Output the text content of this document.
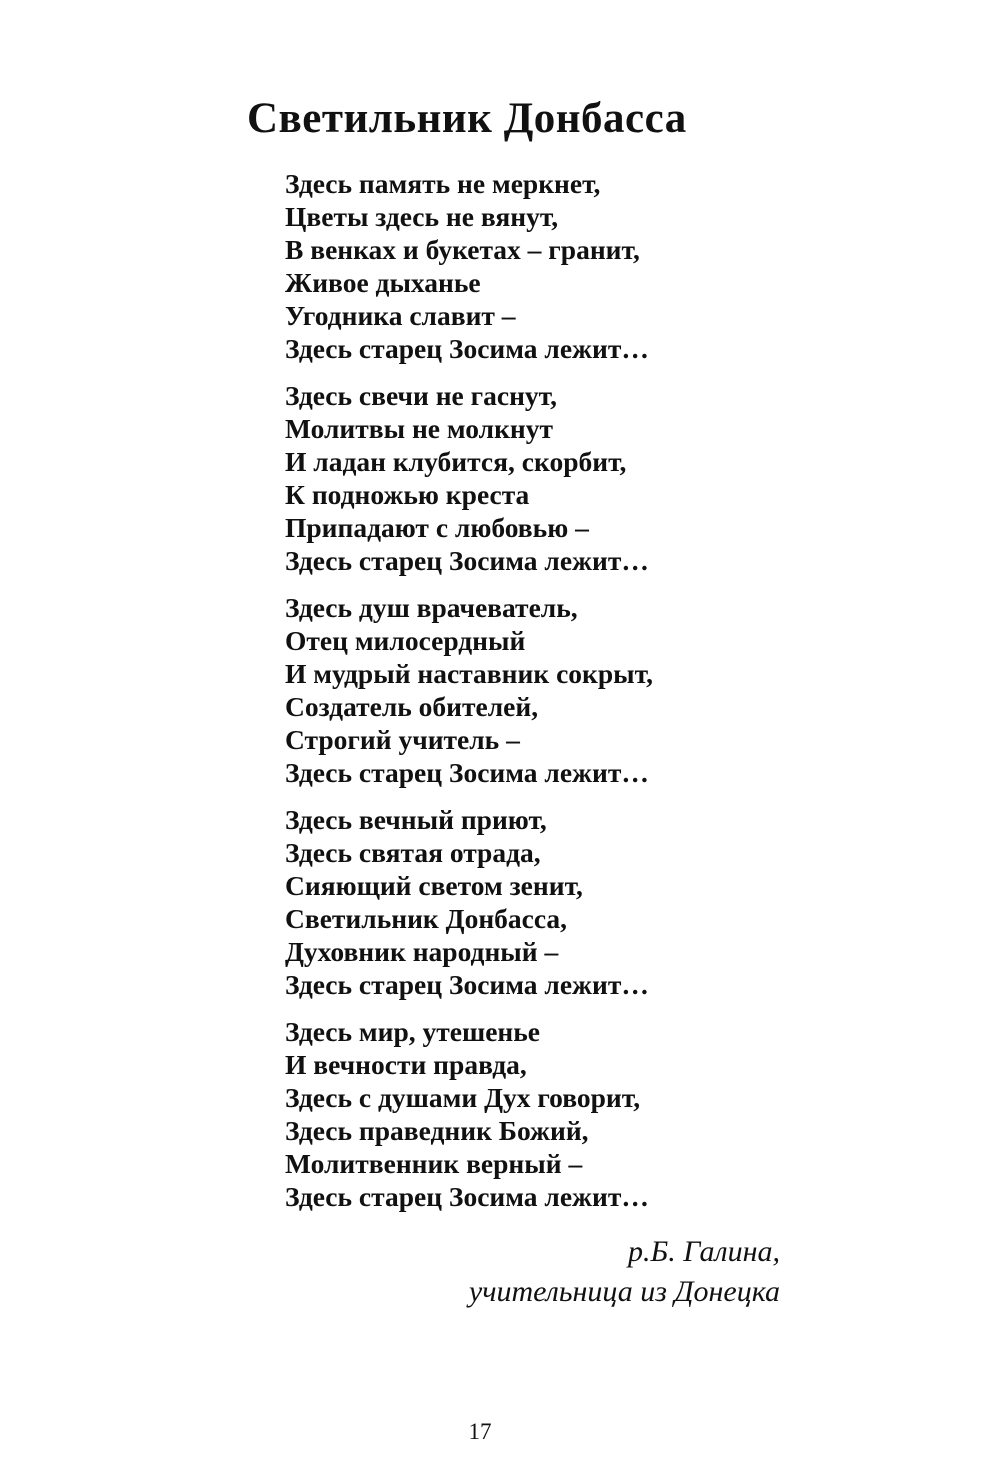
Светильник Донбасса
Здесь память не меркнет,
Цветы здесь не вянут,
В венках и букетах – гранит,
Живое дыханье
Угодника славит –
Здесь старец Зосима лежит…
Здесь свечи не гаснут,
Молитвы не молкнут
И ладан клубится, скорбит,
К подножью креста
Припадают с любовью –
Здесь старец Зосима лежит…
Здесь душ врачеватель,
Отец милосердный
И мудрый наставник сокрыт,
Создатель обителей,
Строгий учитель –
Здесь старец Зосима лежит…
Здесь вечный приют,
Здесь святая отрада,
Сияющий светом зенит,
Светильник Донбасса,
Духовник народный –
Здесь старец Зосима лежит…
Здесь мир, утешенье
И вечности правда,
Здесь с душами Дух говорит,
Здесь праведник Божий,
Молитвенник верный –
Здесь старец Зосима лежит…
р.Б. Галина,
учительница из Донецка
17
